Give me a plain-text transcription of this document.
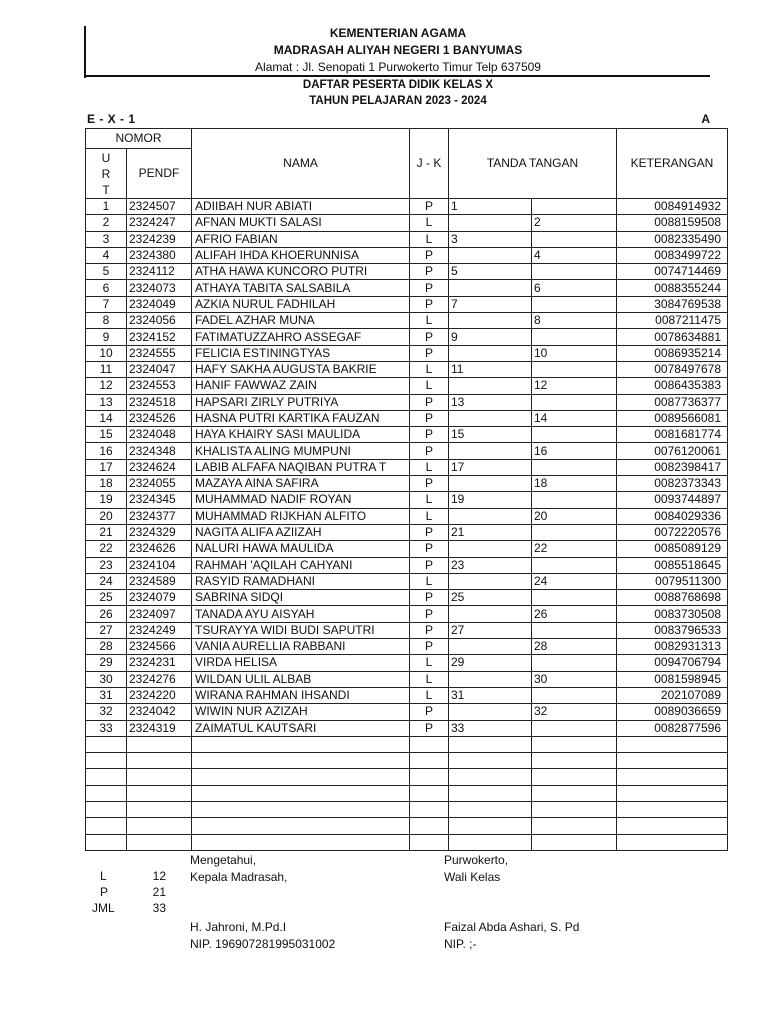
KEMENTERIAN AGAMA
MADRASAH ALIYAH NEGERI 1 BANYUMAS
Alamat : Jl. Senopati 1 Purwokerto Timur Telp 637509
DAFTAR PESERTA DIDIK KELAS X
TAHUN PELAJARAN 2023 - 2024
E - X - 1	A
NOMOR		NAMA	J - K	TANDA TANGAN		KETERANGAN

U
R
T	PENDF					
1	2324507	ADIIBAH NUR ABIATI	P	1		0084914932
2	2324247	AFNAN MUKTI SALASI	L		2	0088159508
3	2324239	AFRIO FABIAN	L	3		0082335490
4	2324380	ALIFAH IHDA KHOERUNNISA	P		4	0083499722
5	2324112	ATHA HAWA KUNCORO PUTRI	P	5		0074714469
6	2324073	ATHAYA TABITA SALSABILA	P		6	0088355244
7	2324049	AZKIA NURUL FADHILAH	P	7		3084769538
8	2324056	FADEL AZHAR MUNA	L		8	0087211475
9	2324152	FATIMATUZZAHRO ASSEGAF	P	9		0078634881
10	2324555	FELICIA ESTININGTYAS	P		10	0086935214
11	2324047	HAFY SAKHA AUGUSTA BAKRIE	L	11		0078497678
12	2324553	HANIF FAWWAZ ZAIN	L		12	0086435383
13	2324518	HAPSARI ZIRLY PUTRIYA	P	13		0087736377
14	2324526	HASNA PUTRI KARTIKA FAUZAN	P		14	0089566081
15	2324048	HAYA KHAIRY SASI MAULIDA	P	15		0081681774
16	2324348	KHALISTA ALING MUMPUNI	P		16	0076120061
17	2324624	LABIB ALFAFA NAQIBAN PUTRA T	L	17		0082398417
18	2324055	MAZAYA AINA SAFIRA	P		18	0082373343
19	2324345	MUHAMMAD NADIF ROYAN	L	19		0093744897
20	2324377	MUHAMMAD RIJKHAN ALFITO	L		20	0084029336
21	2324329	NAGITA ALIFA AZIIZAH	P	21		0072220576
22	2324626	NALURI HAWA MAULIDA	P		22	0085089129
23	2324104	RAHMAH 'AQILAH CAHYANI	P	23		0085518645
24	2324589	RASYID RAMADHANI	L		24	0079511300
25	2324079	SABRINA SIDQI	P	25		0088768698
26	2324097	TANADA AYU AISYAH	P		26	0083730508
27	2324249	TSURAYYA WIDI BUDI SAPUTRI	P	27		0083796533
28	2324566	VANIA AURELLIA RABBANI	P		28	0082931313
29	2324231	VIRDA HELISA	L	29		0094706794
30	2324276	WILDAN ULIL ALBAB	L		30	0081598945
31	2324220	WIRANA RAHMAN IHSANDI	L	31		202107089
32	2324042	WIWIN NUR AZIZAH	P		32	0089036659
33	2324319	ZAIMATUL KAUTSARI	P	33		0082877596

Mengetahui,
Kepala Madrasah,
H. Jahroni, M.Pd.I
NIP. 196907281995031002
Purwokerto,
Wali Kelas
Faizal Abda Ashari, S. Pd
NIP. ;-
L	12
P	21
JML	33
